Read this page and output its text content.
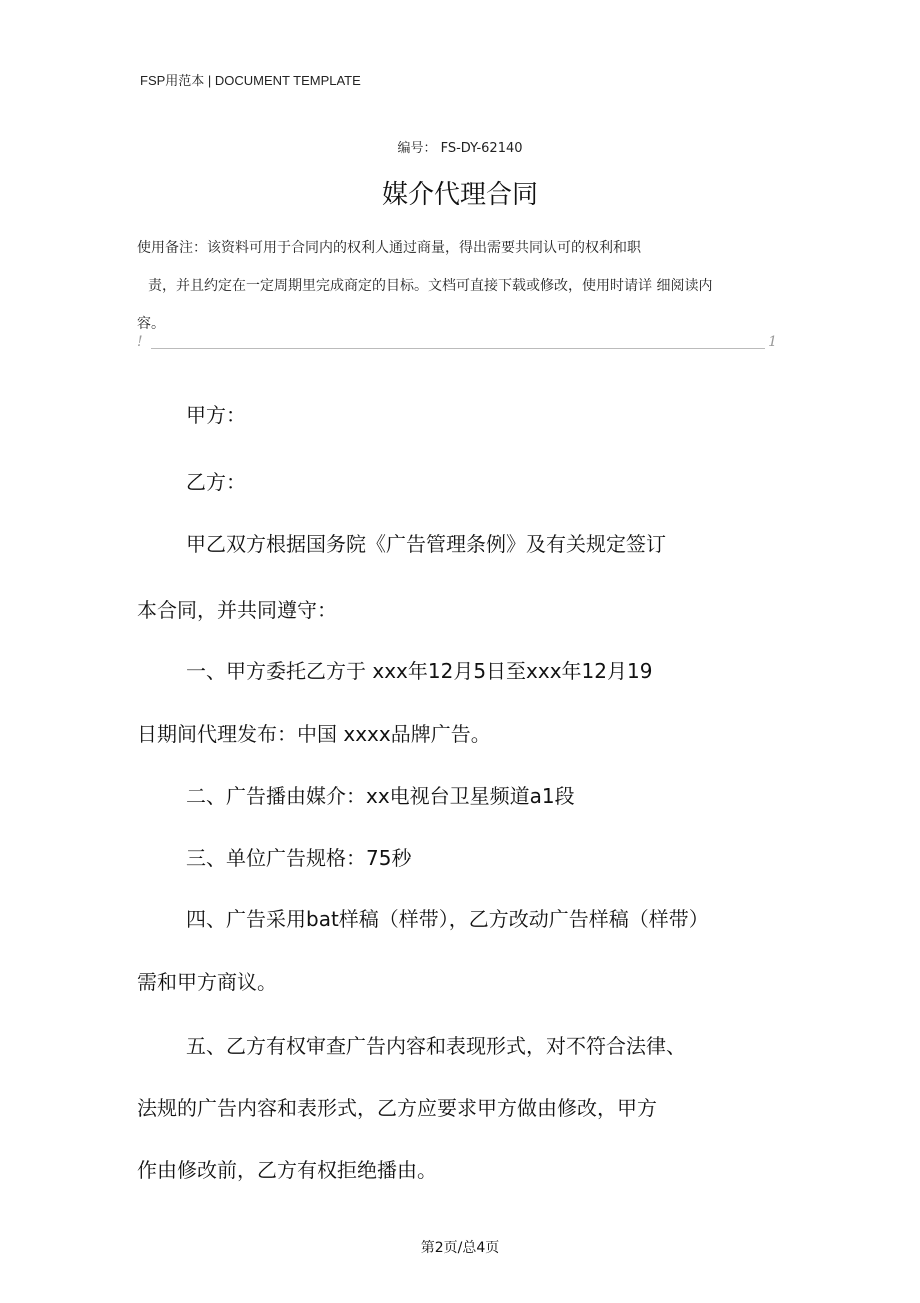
FSP用范本 | DOCUMENT TEMPLATE
编号： FS-DY-62140
媒介代理合同
使用备注：该资料可用于合同内的权利人通过商量，得出需要共同认可的权利和职
责，并且约定在一定周期里完成商定的目标。文档可直接下载或修改，使用时请详 细阅读内
容。
!	1
甲方：
乙方：
甲乙双方根据国务院《广告管理条例》及有关规定签订
本合同，并共同遵守：
一、甲方委托乙方于 xxx年12月5日至xxx年12月19
日期间代理发布：中国 xxxx品牌广告。
二、广告播由媒介：xx电视台卫星频道a1段
三、单位广告规格：75秒
四、广告采用bat样稿（样带），乙方改动广告样稿（样带）
需和甲方商议。
五、乙方有权审查广告内容和表现形式，对不符合法律、
法规的广告内容和表形式，乙方应要求甲方做由修改，甲方
作由修改前，乙方有权拒绝播由。
第2页/总4页
